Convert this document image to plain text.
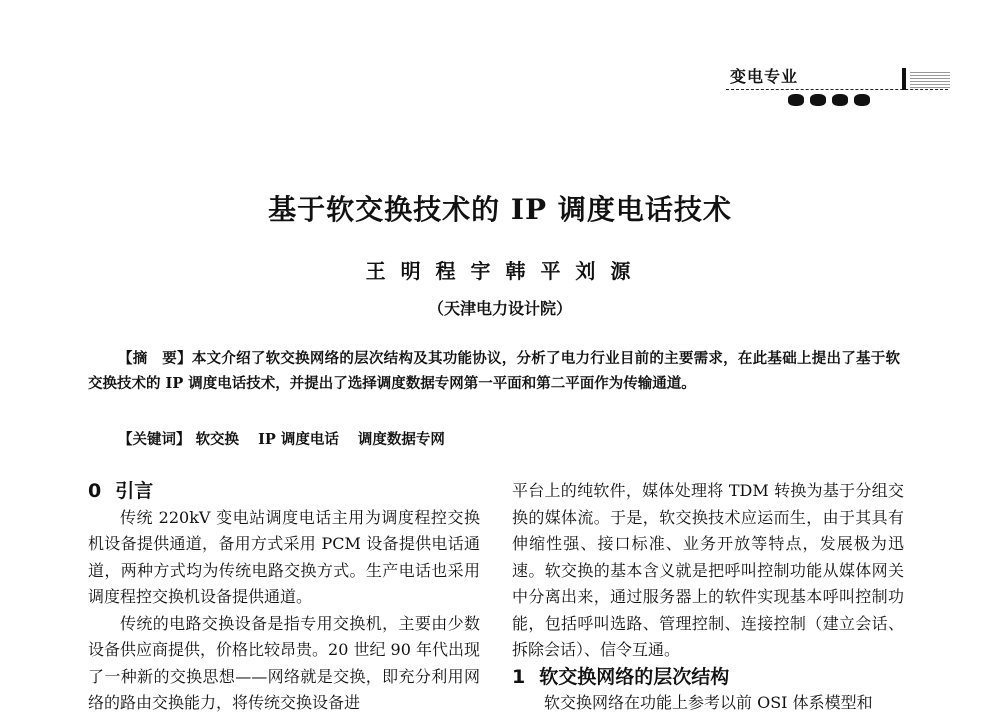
变电专业
基于软交换技术的 IP 调度电话技术
王 明 程 宇 韩 平 刘 源
（天津电力设计院）

【摘　要】本文介绍了软交换网络的层次结构及其功能协议，分析了电力行业目前的主要需求，在此基础上提出了基于软交换技术的 IP 调度电话技术，并提出了选择调度数据专网第一平面和第二平面作为传输通道。

【关键词】 软交换 IP 调度电话 调度数据专网
0 引言

传统 220kV 变电站调度电话主用为调度程控交换机设备提供通道，备用方式采用 PCM 设备提供电话通道，两种方式均为传统电路交换方式。生产电话也采用调度程控交换机设备提供通道。

传统的电路交换设备是指专用交换机，主要由少数设备供应商提供，价格比较昂贵。20 世纪 90 年代出现了一种新的交换思想——网络就是交换，即充分利用网络的路由交换能力，将传统交换设备进

平台上的纯软件，媒体处理将 TDM 转换为基于分组交换的媒体流。于是，软交换技术应运而生，由于其具有伸缩性强、接口标准、业务开放等特点，发展极为迅速。软交换的基本含义就是把呼叫控制功能从媒体网关中分离出来，通过服务器上的软件实现基本呼叫控制功能，包括呼叫选路、管理控制、连接控制（建立会话、拆除会话）、信令互通。

1 软交换网络的层次结构

软交换网络在功能上参考以前 OSI 体系模型和
